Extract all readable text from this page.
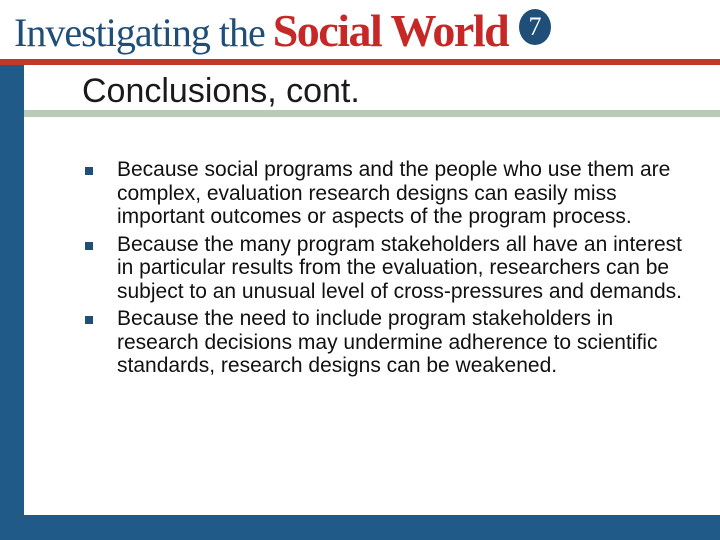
Investigating the Social World 7
Conclusions, cont.
Because social programs and the people who use them are complex, evaluation research designs can easily miss important outcomes or aspects of the program process.
Because the many program stakeholders all have an interest in particular results from the evaluation, researchers can be subject to an unusual level of cross-pressures and demands.
Because the need to include program stakeholders in research decisions may undermine adherence to scientific standards, research designs can be weakened.
